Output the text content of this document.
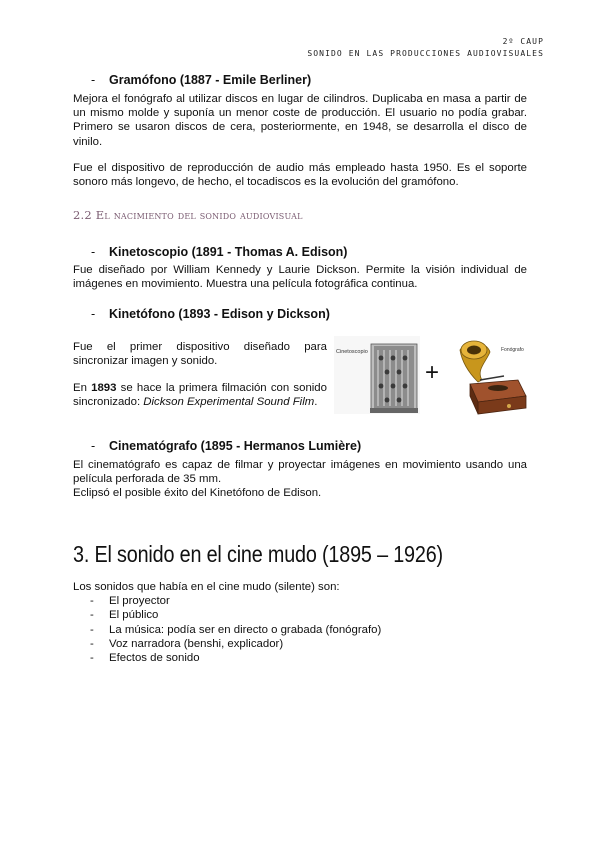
2º CAUP
SONIDO EN LAS PRODUCCIONES AUDIOVISUALES
- Gramófono (1887 - Emile Berliner)

Mejora el fonógrafo al utilizar discos en lugar de cilindros. Duplicaba en masa a partir de un mismo molde y suponía un menor coste de producción. El usuario no podía grabar. Primero se usaron discos de cera, posteriormente, en 1948, se desarrolla el disco de vinilo.

Fue el dispositivo de reproducción de audio más empleado hasta 1950. Es el soporte sonoro más longevo, de hecho, el tocadiscos es la evolución del gramófono.

2.2 El nacimiento del sonido audiovisual
- Kinetoscopio (1891 - Thomas A. Edison)

Fue diseñado por William Kennedy y Laurie Dickson. Permite la visión individual de imágenes en movimiento. Muestra una película fotográfica continua.

- Kinetófono (1893 - Edison y Dickson)

Fue el primer dispositivo diseñado para sincronizar imagen y sonido.

En 1893 se hace la primera filmación con sonido sincronizado: Dickson Experimental Sound Film.

Cinetoscopio
+
Fonógrafo
- Cinematógrafo (1895 - Hermanos Lumière)

El cinematógrafo es capaz de filmar y proyectar imágenes en movimiento usando una película perforada de 35 mm.

Eclipsó el posible éxito del Kinetófono de Edison.

3. El sonido en el cine mudo (1895 – 1926)
Los sonidos que había en el cine mudo (silente) son:
- El proyector
- El público
- La música: podía ser en directo o grabada (fonógrafo)
- Voz narradora (benshi, explicador)
- Efectos de sonido
